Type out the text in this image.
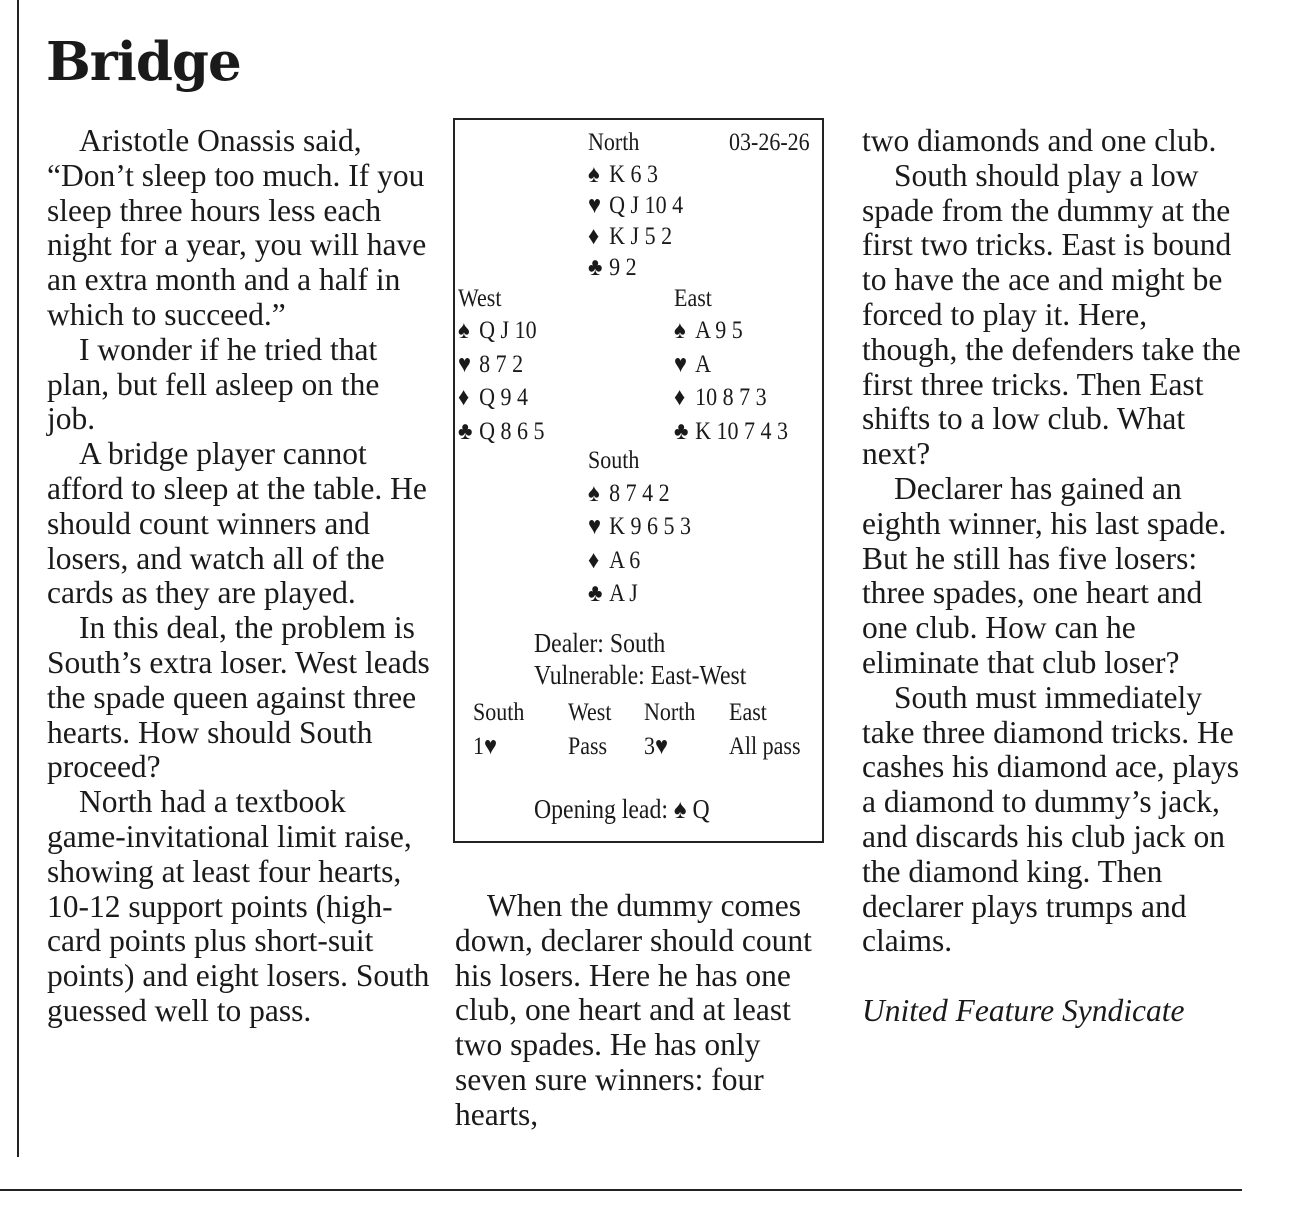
Bridge

Aristotle Onassis said, “Don’t sleep too much. If you sleep three hours less each night for a year, you will have an extra month and a half in which to succeed.”

I wonder if he tried that plan, but fell asleep on the job.

A bridge player cannot afford to sleep at the table. He should count winners and losers, and watch all of the cards as they are played.

In this deal, the problem is South’s extra loser. West leads the spade queen against three hearts. How should South proceed?

North had a textbook game-invitational limit raise, showing at least four hearts, 10-12 support points (high-card points plus short-suit points) and eight losers. South guessed well to pass.

North	03-26-26
♠ K 6 3
♥ Q J 10 4
♦ K J 5 2
♣ 9 2
West
♠ Q J 10
♥ 8 7 2
♦ Q 9 4
♣ Q 8 6 5
East
♠ A 9 5
♥ A
♦ 10 8 7 3
♣ K 10 7 4 3
South
♠ 8 7 4 2
♥ K 9 6 5 3
♦ A 6
♣ A J
Dealer: South
Vulnerable: East-West
South West North East
1♥	Pass 3♥ All pass
Opening lead: ♠ Q

When the dummy comes down, declarer should count his losers. Here he has one club, one heart and at least two spades. He has only seven sure winners: four hearts,

two diamonds and one club.

South should play a low spade from the dummy at the first two tricks. East is bound to have the ace and might be forced to play it. Here, though, the defenders take the first three tricks. Then East shifts to a low club. What next?

Declarer has gained an eighth winner, his last spade. But he still has five losers: three spades, one heart and one club. How can he eliminate that club loser?

South must immediately take three diamond tricks. He cashes his diamond ace, plays a diamond to dummy’s jack, and discards his club jack on the diamond king. Then declarer plays trumps and claims.

United Feature Syndicate
